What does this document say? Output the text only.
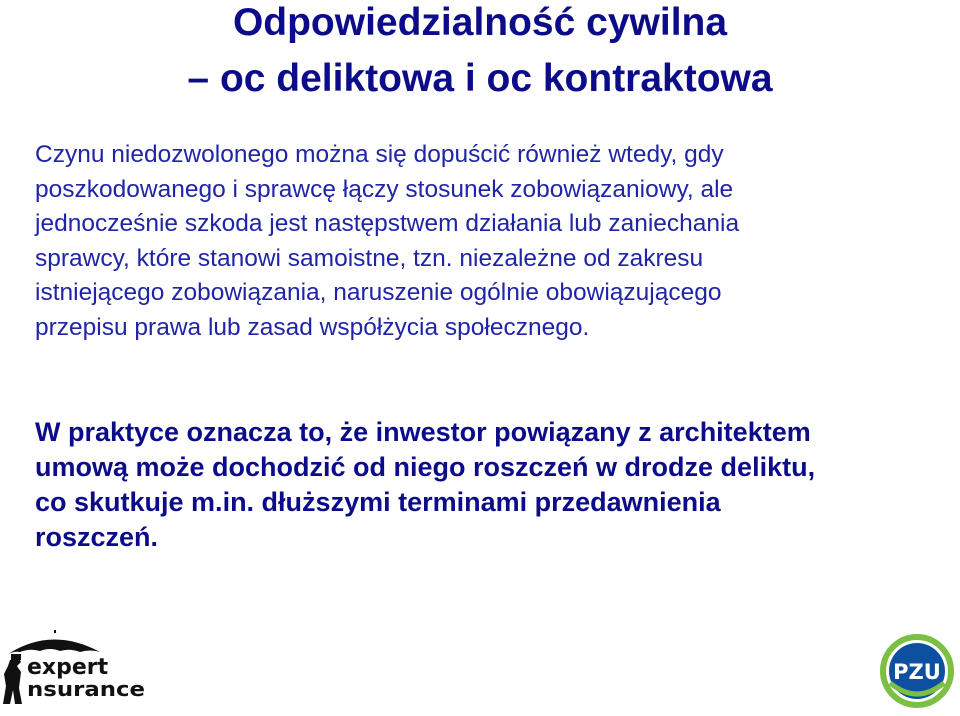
Odpowiedzialność cywilna
– oc deliktowa i oc kontraktowa
Czynu niedozwolonego można się dopuścić również wtedy, gdy
poszkodowanego i sprawcę łączy stosunek zobowiązaniowy, ale
jednocześnie szkoda jest następstwem działania lub zaniechania
sprawcy, które stanowi samoistne, tzn. niezależne od zakresu
istniejącego zobowiązania, naruszenie ogólnie obowiązującego
przepisu prawa lub zasad współżycia społecznego.
W praktyce oznacza to, że inwestor powiązany z architektem
umową może dochodzić od niego roszczeń w drodze deliktu,
co skutkuje m.in. dłuższymi terminami przedawnienia
roszczeń.
expert
nsurance
PZU
